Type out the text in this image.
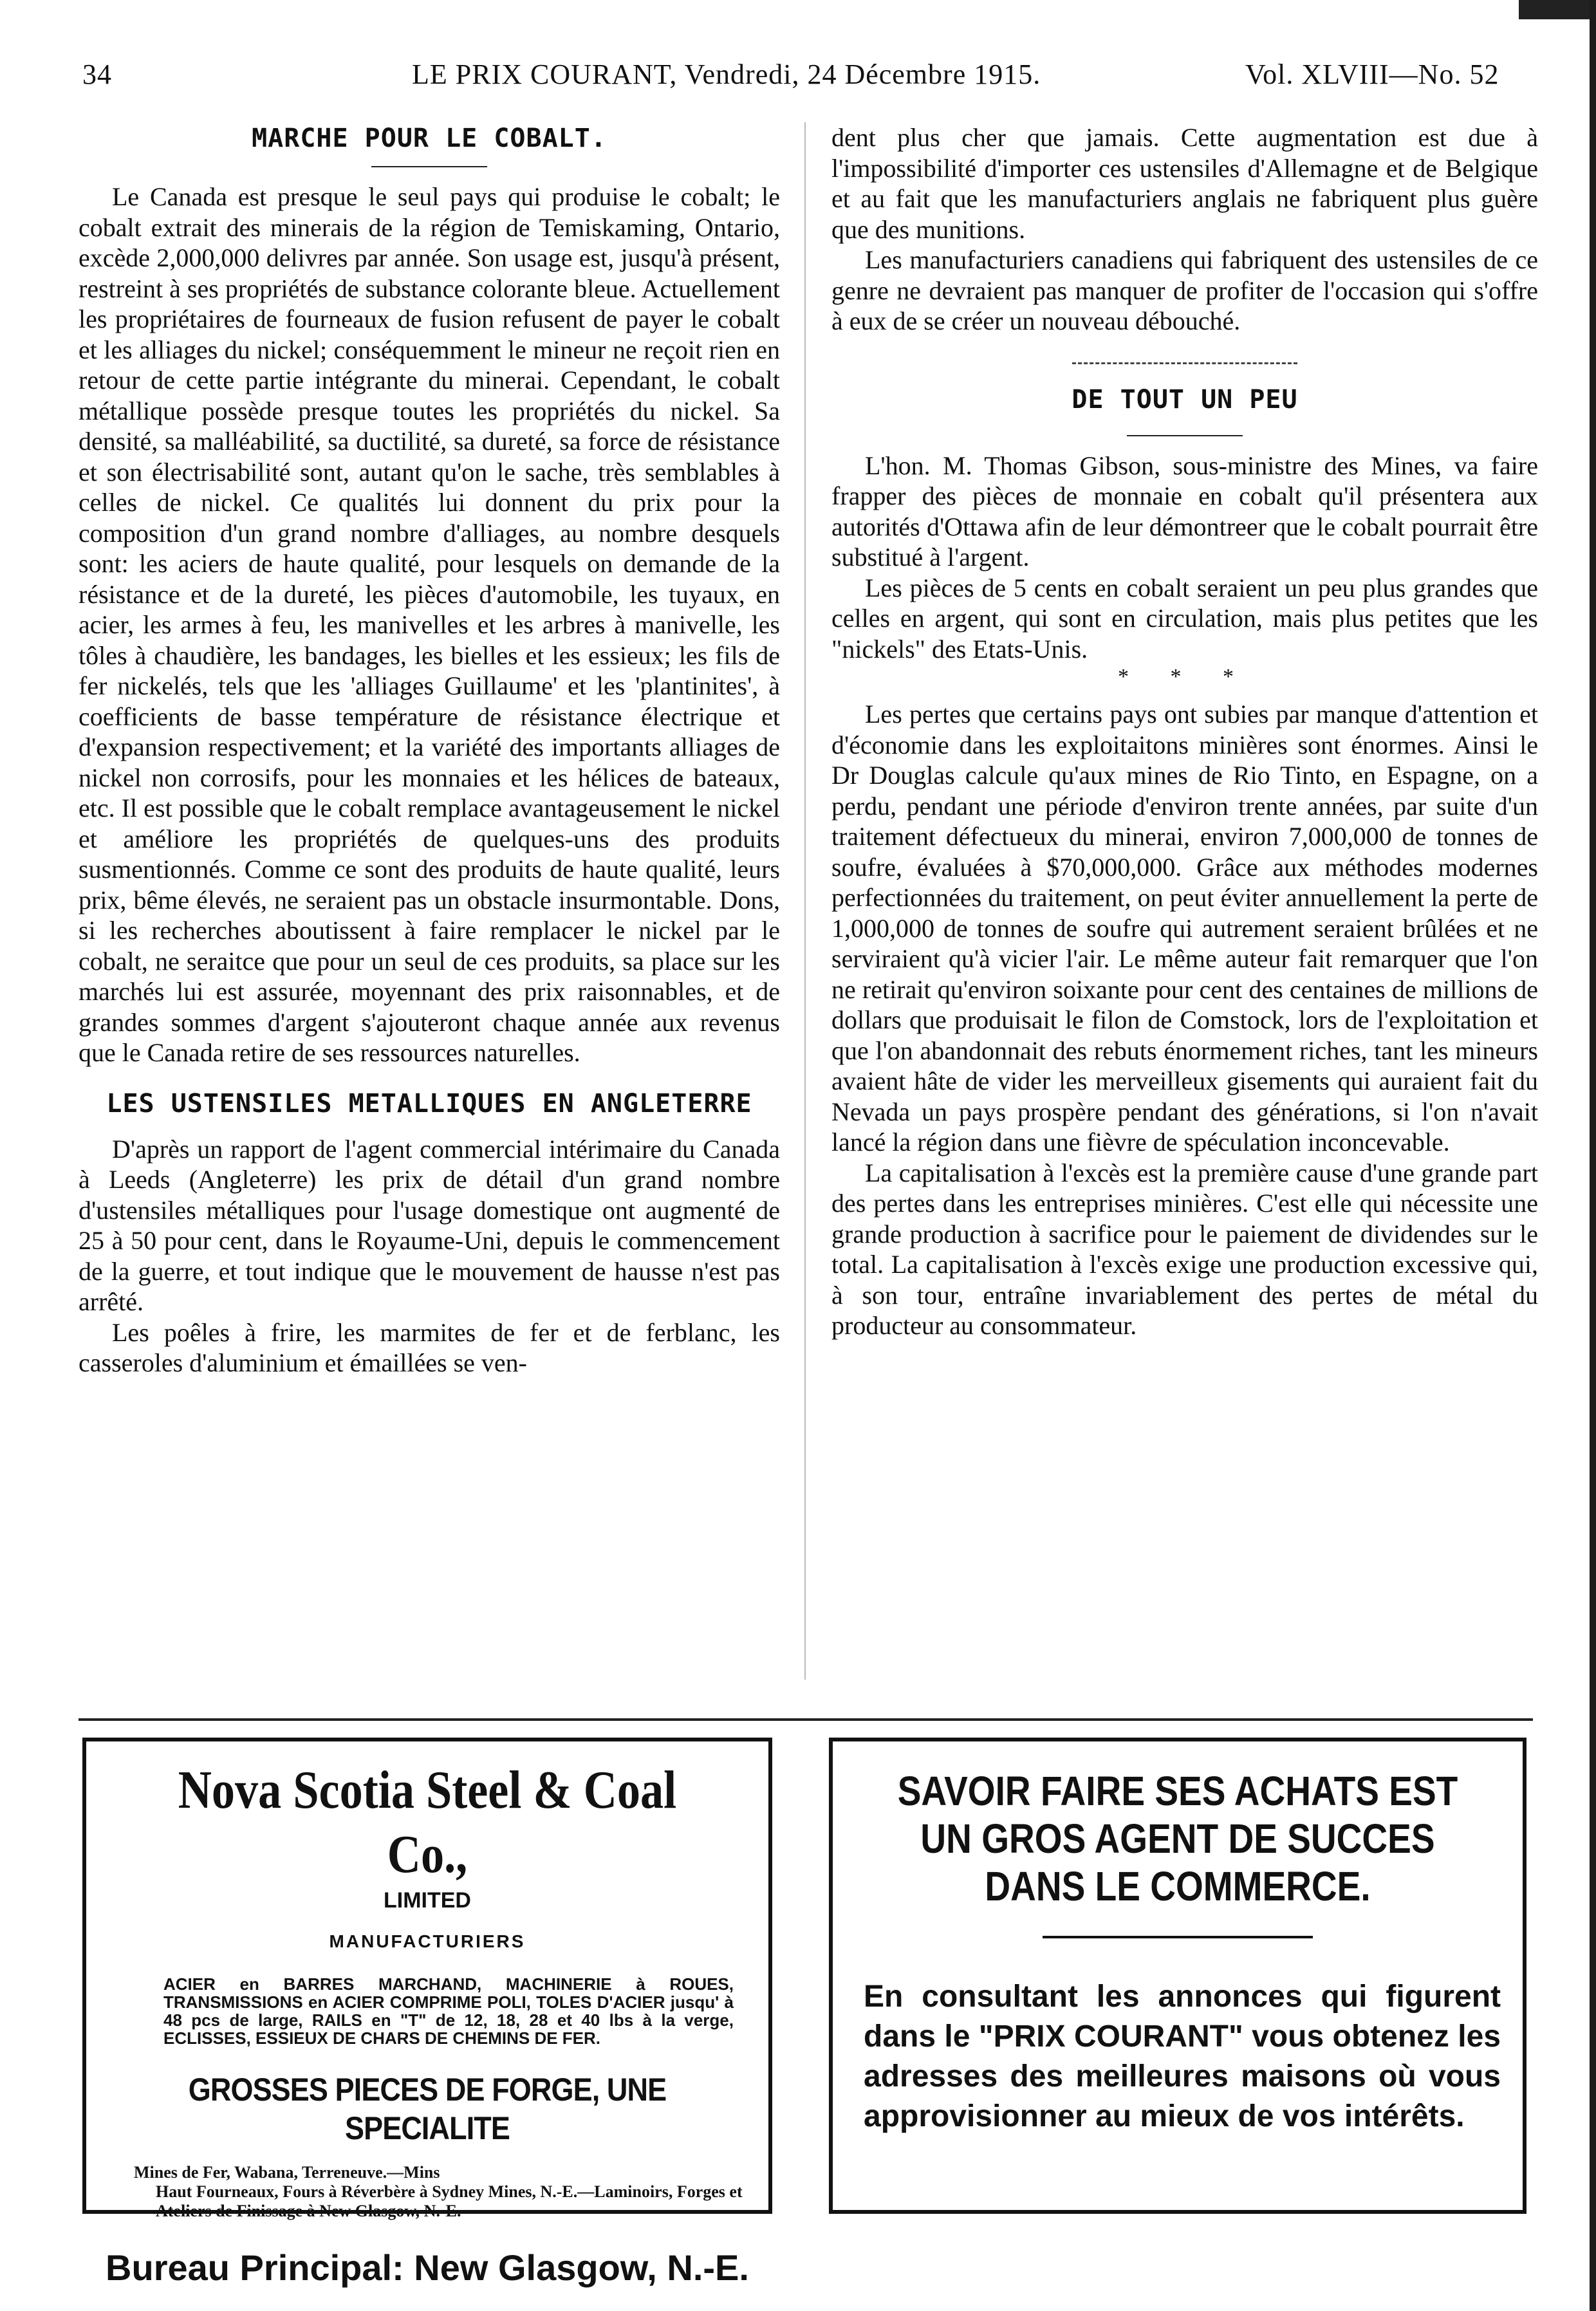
34	LE PRIX COURANT, Vendredi, 24 Décembre 1915.	Vol. XLVIII—No. 52
MARCHE POUR LE COBALT.

Le Canada est presque le seul pays qui produise le cobalt; le cobalt extrait des minerais de la région de Temiskaming, Ontario, excède 2,000,000 delivres par année. Son usage est, jusqu'à présent, restreint à ses propriétés de substance colorante bleue. Actuellement les propriétaires de fourneaux de fusion refusent de payer le cobalt et les alliages du nickel; conséquemment le mineur ne reçoit rien en retour de cette partie intégrante du minerai. Cependant, le cobalt métallique possède presque toutes les propriétés du nickel. Sa densité, sa malléabilité, sa ductilité, sa dureté, sa force de résistance et son électrisabilité sont, autant qu'on le sache, très semblables à celles de nickel. Ce qualités lui donnent du prix pour la composition d'un grand nombre d'alliages, au nombre desquels sont: les aciers de haute qualité, pour lesquels on demande de la résistance et de la dureté, les pièces d'automobile, les tuyaux, en acier, les armes à feu, les manivelles et les arbres à manivelle, les tôles à chaudière, les bandages, les bielles et les essieux; les fils de fer nickelés, tels que les 'alliages Guillaume' et les 'plantinites', à coefficients de basse température de résistance électrique et d'expansion respectivement; et la variété des importants alliages de nickel non corrosifs, pour les monnaies et les hélices de bateaux, etc. Il est possible que le cobalt remplace avantageusement le nickel et améliore les propriétés de quelques-uns des produits susmentionnés. Comme ce sont des produits de haute qualité, leurs prix, bême élevés, ne seraient pas un obstacle insurmontable. Dons, si les recherches aboutissent à faire remplacer le nickel par le cobalt, ne seraitce que pour un seul de ces produits, sa place sur les marchés lui est assurée, moyennant des prix raisonnables, et de grandes sommes d'argent s'ajouteront chaque année aux revenus que le Canada retire de ses ressources naturelles.

LES USTENSILES METALLIQUES EN ANGLETERRE

D'après un rapport de l'agent commercial intérimaire du Canada à Leeds (Angleterre) les prix de détail d'un grand nombre d'ustensiles métalliques pour l'usage domestique ont augmenté de 25 à 50 pour cent, dans le Royaume-Uni, depuis le commencement de la guerre, et tout indique que le mouvement de hausse n'est pas arrêté.

Les poêles à frire, les marmites de fer et de ferblanc, les casseroles d'aluminium et émaillées se ven-

dent plus cher que jamais. Cette augmentation est due à l'impossibilité d'importer ces ustensiles d'Allemagne et de Belgique et au fait que les manufacturiers anglais ne fabriquent plus guère que des munitions.

Les manufacturiers canadiens qui fabriquent des ustensiles de ce genre ne devraient pas manquer de profiter de l'occasion qui s'offre à eux de se créer un nouveau débouché.

DE TOUT UN PEU

L'hon. M. Thomas Gibson, sous-ministre des Mines, va faire frapper des pièces de monnaie en cobalt qu'il présentera aux autorités d'Ottawa afin de leur démontreer que le cobalt pourrait être substitué à l'argent.

Les pièces de 5 cents en cobalt seraient un peu plus grandes que celles en argent, qui sont en circulation, mais plus petites que les "nickels" des Etats-Unis.

* * *

Les pertes que certains pays ont subies par manque d'attention et d'économie dans les exploitaitons minières sont énormes. Ainsi le Dr Douglas calcule qu'aux mines de Rio Tinto, en Espagne, on a perdu, pendant une période d'environ trente années, par suite d'un traitement défectueux du minerai, environ 7,000,000 de tonnes de soufre, évaluées à $70,000,000. Grâce aux méthodes modernes perfectionnées du traitement, on peut éviter annuellement la perte de 1,000,000 de tonnes de soufre qui autrement seraient brûlées et ne serviraient qu'à vicier l'air. Le même auteur fait remarquer que l'on ne retirait qu'environ soixante pour cent des centaines de millions de dollars que produisait le filon de Comstock, lors de l'exploitation et que l'on abandonnait des rebuts énormement riches, tant les mineurs avaient hâte de vider les merveilleux gisements qui auraient fait du Nevada un pays prospère pendant des générations, si l'on n'avait lancé la région dans une fièvre de spéculation inconcevable.

La capitalisation à l'excès est la première cause d'une grande part des pertes dans les entreprises minières. C'est elle qui nécessite une grande production à sacrifice pour le paiement de dividendes sur le total. La capitalisation à l'excès exige une production excessive qui, à son tour, entraîne invariablement des pertes de métal du producteur au consommateur.

Nova Scotia Steel & Coal Co.,
LIMITED
MANUFACTURIERS
ACIER en BARRES MARCHAND, MACHINERIE à ROUES, TRANSMISSIONS en ACIER COMPRIME POLI, TOLES D'ACIER jusqu' à 48 pcs de large, RAILS en "T" de 12, 18, 28 et 40 lbs à la verge, ECLISSES, ESSIEUX DE CHARS DE CHEMINS DE FER.
GROSSES PIECES DE FORGE, UNE SPECIALITE
Mines de Fer, Wabana, Terreneuve.—Mins
Haut Fourneaux, Fours à Réverbère à Sydney Mines, N.-E.—Laminoirs, Forges et Ateliers de Finissage à New Glasgow, N.-E.
Bureau Principal: New Glasgow, N.-E.
SAVOIR FAIRE SES ACHATS EST UN GROS AGENT DE SUCCES DANS LE COMMERCE.
En consultant les annonces qui figurent dans le "PRIX COURANT" vous obtenez les adresses des meilleures maisons où vous approvisionner au mieux de vos intérêts.
